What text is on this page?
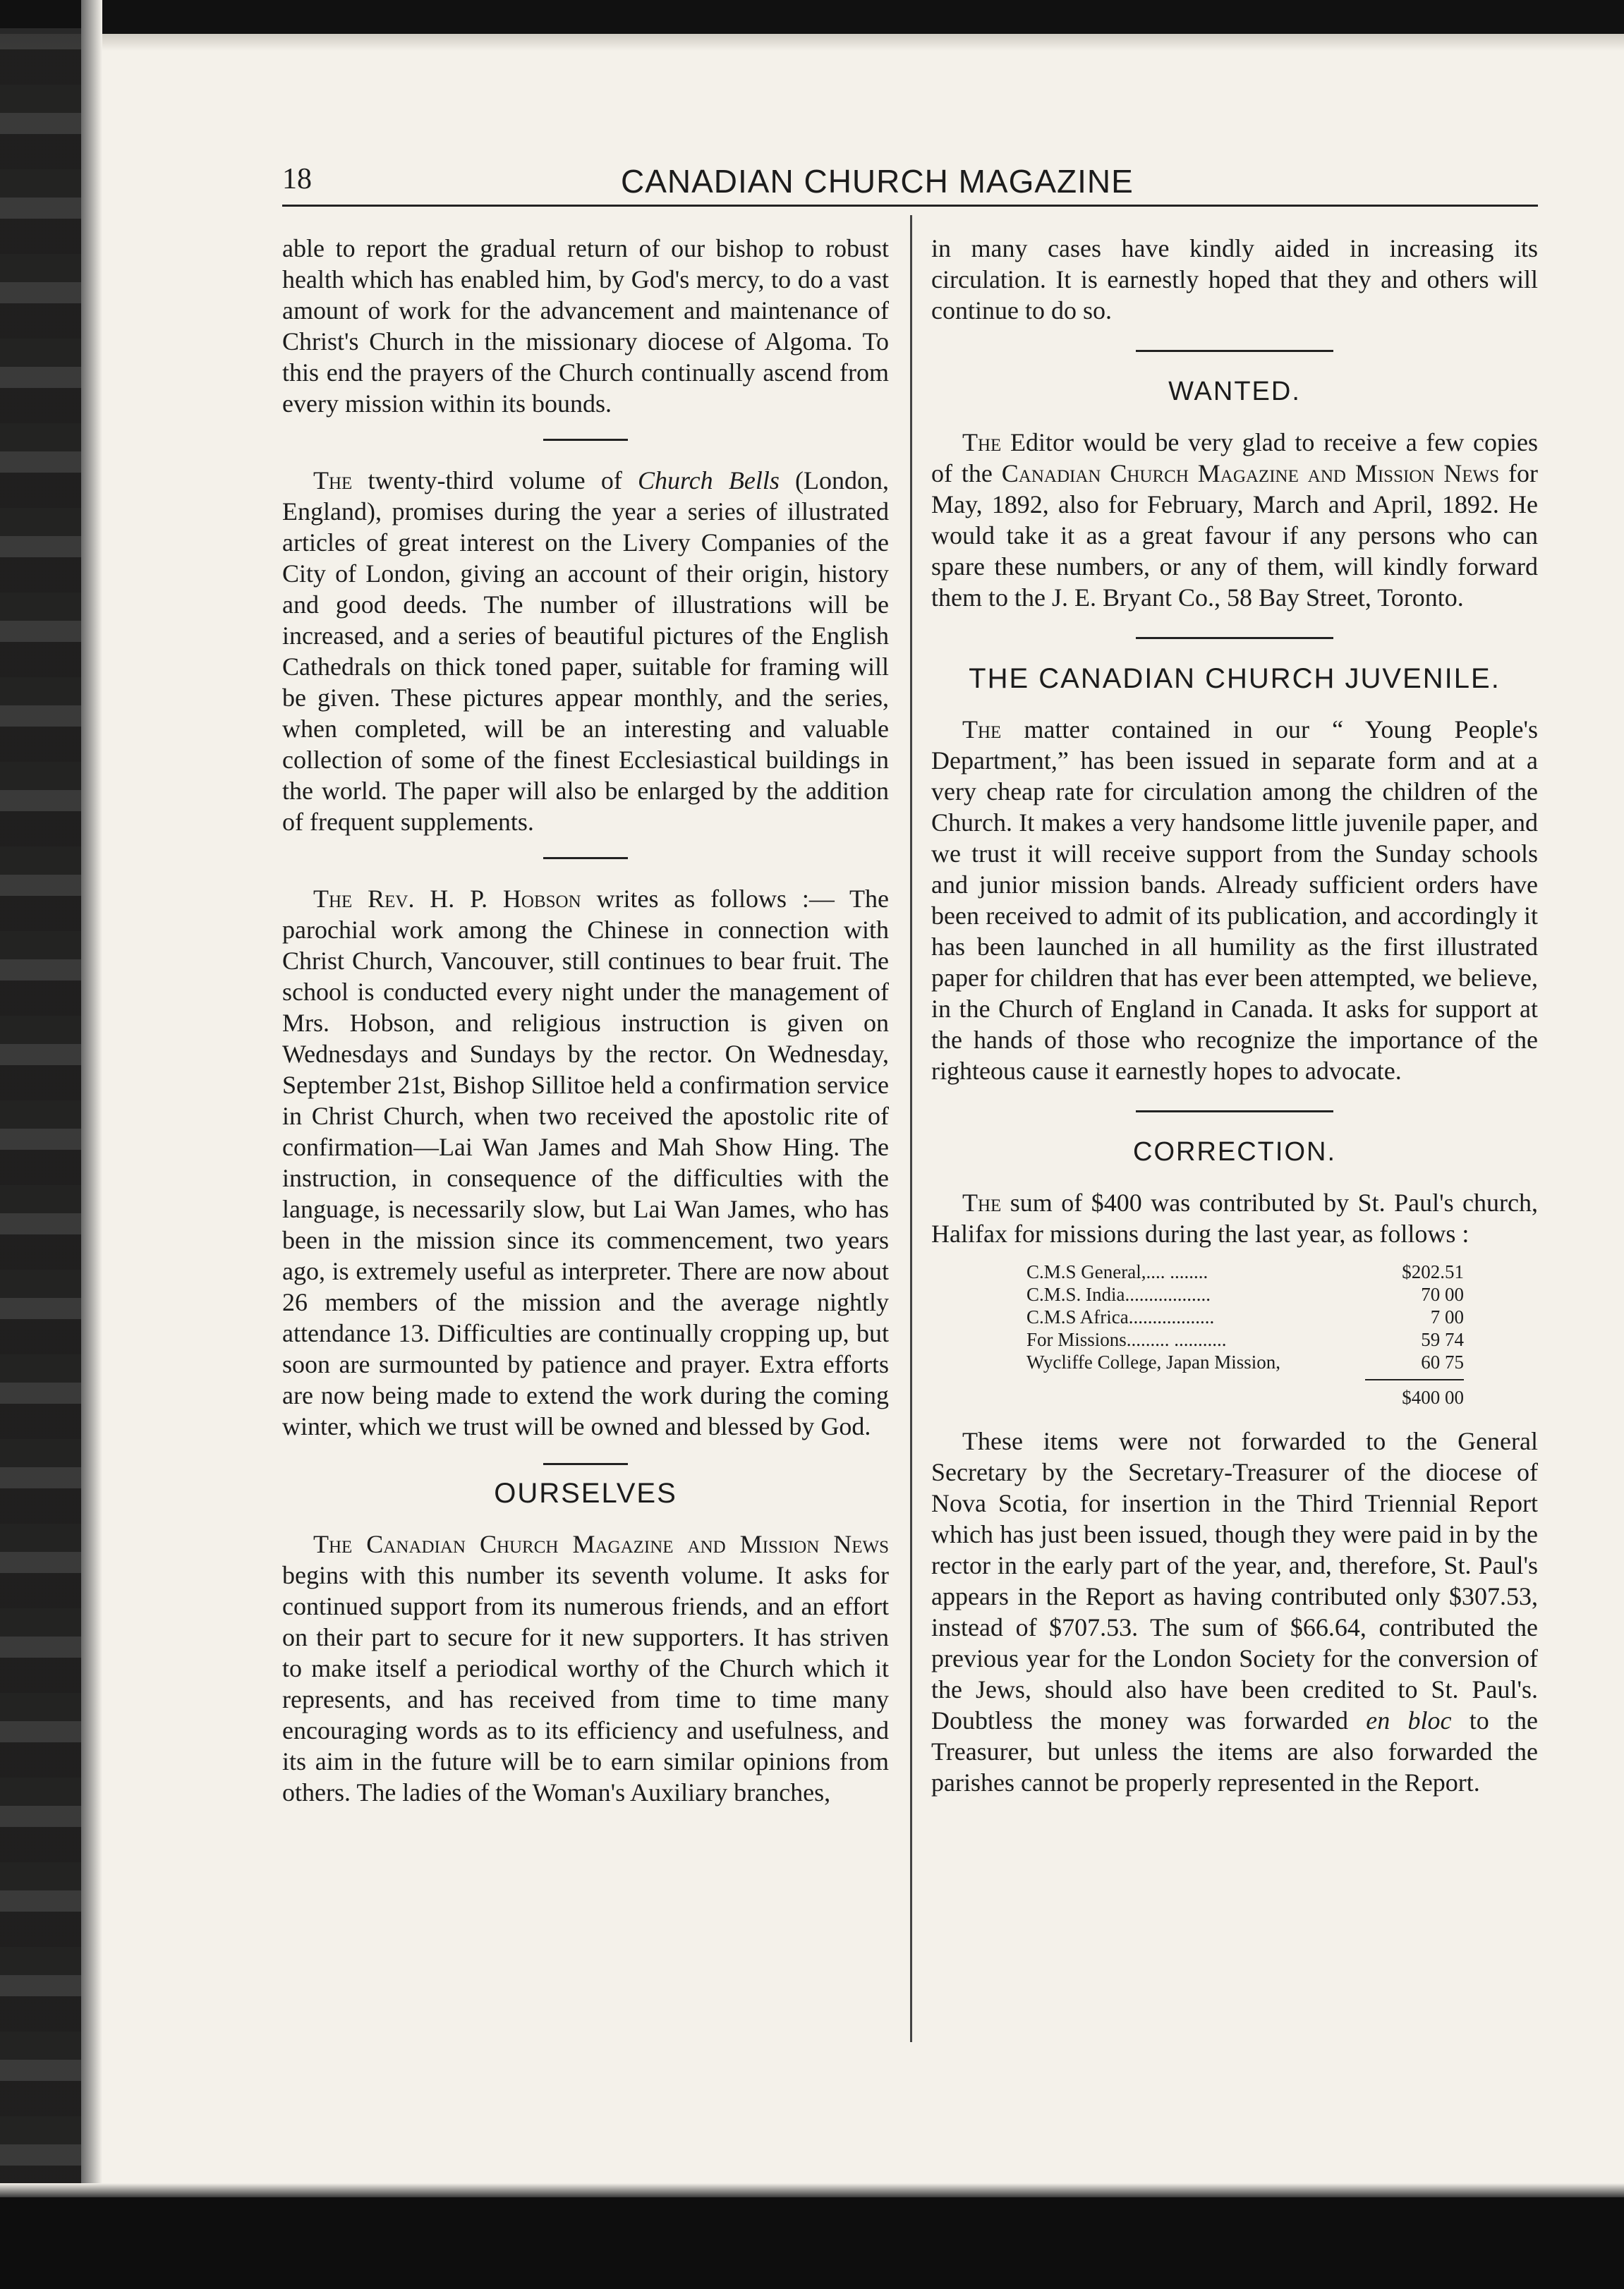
18	CANADIAN CHURCH MAGAZINE

able to report the gradual return of our bishop to robust health which has enabled him, by God's mercy, to do a vast amount of work for the advancement and maintenance of Christ's Church in the missionary diocese of Algoma. To this end the prayers of the Church continually ascend from every mission within its bounds.

The twenty-third volume of Church Bells (London, England), promises during the year a series of illustrated articles of great interest on the Livery Companies of the City of London, giving an account of their origin, history and good deeds. The number of illustrations will be increased, and a series of beautiful pictures of the English Cathedrals on thick toned paper, suitable for framing will be given. These pictures appear monthly, and the series, when completed, will be an interesting and valuable collection of some of the finest Ecclesiastical buildings in the world. The paper will also be enlarged by the addition of frequent supplements.

The Rev. H. P. Hobson writes as follows :— The parochial work among the Chinese in connection with Christ Church, Vancouver, still continues to bear fruit. The school is conducted every night under the management of Mrs. Hobson, and religious instruction is given on Wednesdays and Sundays by the rector. On Wednesday, September 21st, Bishop Sillitoe held a confirmation service in Christ Church, when two received the apostolic rite of confirmation—Lai Wan James and Mah Show Hing. The instruction, in consequence of the difficulties with the language, is necessarily slow, but Lai Wan James, who has been in the mission since its commencement, two years ago, is extremely useful as interpreter. There are now about 26 members of the mission and the average nightly attendance 13. Difficulties are continually cropping up, but soon are surmounted by patience and prayer. Extra efforts are now being made to extend the work during the coming winter, which we trust will be owned and blessed by God.

OURSELVES

The Canadian Church Magazine and Mission News begins with this number its seventh volume. It asks for continued support from its numerous friends, and an effort on their part to secure for it new supporters. It has striven to make itself a periodical worthy of the Church which it represents, and has received from time to time many encouraging words as to its efficiency and usefulness, and its aim in the future will be to earn similar opinions from others. The ladies of the Woman's Auxiliary branches,

in many cases have kindly aided in increasing its circulation. It is earnestly hoped that they and others will continue to do so.

WANTED.

The Editor would be very glad to receive a few copies of the Canadian Church Magazine and Mission News for May, 1892, also for February, March and April, 1892. He would take it as a great favour if any persons who can spare these numbers, or any of them, will kindly forward them to the J. E. Bryant Co., 58 Bay Street, Toronto.

THE CANADIAN CHURCH JUVENILE.

The matter contained in our “ Young People's Department,” has been issued in separate form and at a very cheap rate for circulation among the children of the Church. It makes a very handsome little juvenile paper, and we trust it will receive support from the Sunday schools and junior mission bands. Already sufficient orders have been received to admit of its publication, and accordingly it has been launched in all humility as the first illustrated paper for children that has ever been attempted, we believe, in the Church of England in Canada. It asks for support at the hands of those who recognize the importance of the righteous cause it earnestly hopes to advocate.

CORRECTION.

The sum of $400 was contributed by St. Paul's church, Halifax for missions during the last year, as follows :

C.M.S General,.... ........	$202.51
C.M.S. India..................	70 00
C.M.S Africa..................	7 00
For Missions......... ...........	59 74
Wycliffe College, Japan Mission,	60 75
$400 00

These items were not forwarded to the General Secretary by the Secretary-Treasurer of the diocese of Nova Scotia, for insertion in the Third Triennial Report which has just been issued, though they were paid in by the rector in the early part of the year, and, therefore, St. Paul's appears in the Report as having contributed only $307.53, instead of $707.53. The sum of $66.64, contributed the previous year for the London Society for the conversion of the Jews, should also have been credited to St. Paul's. Doubtless the money was forwarded en bloc to the Treasurer, but unless the items are also forwarded the parishes cannot be properly represented in the Report.
